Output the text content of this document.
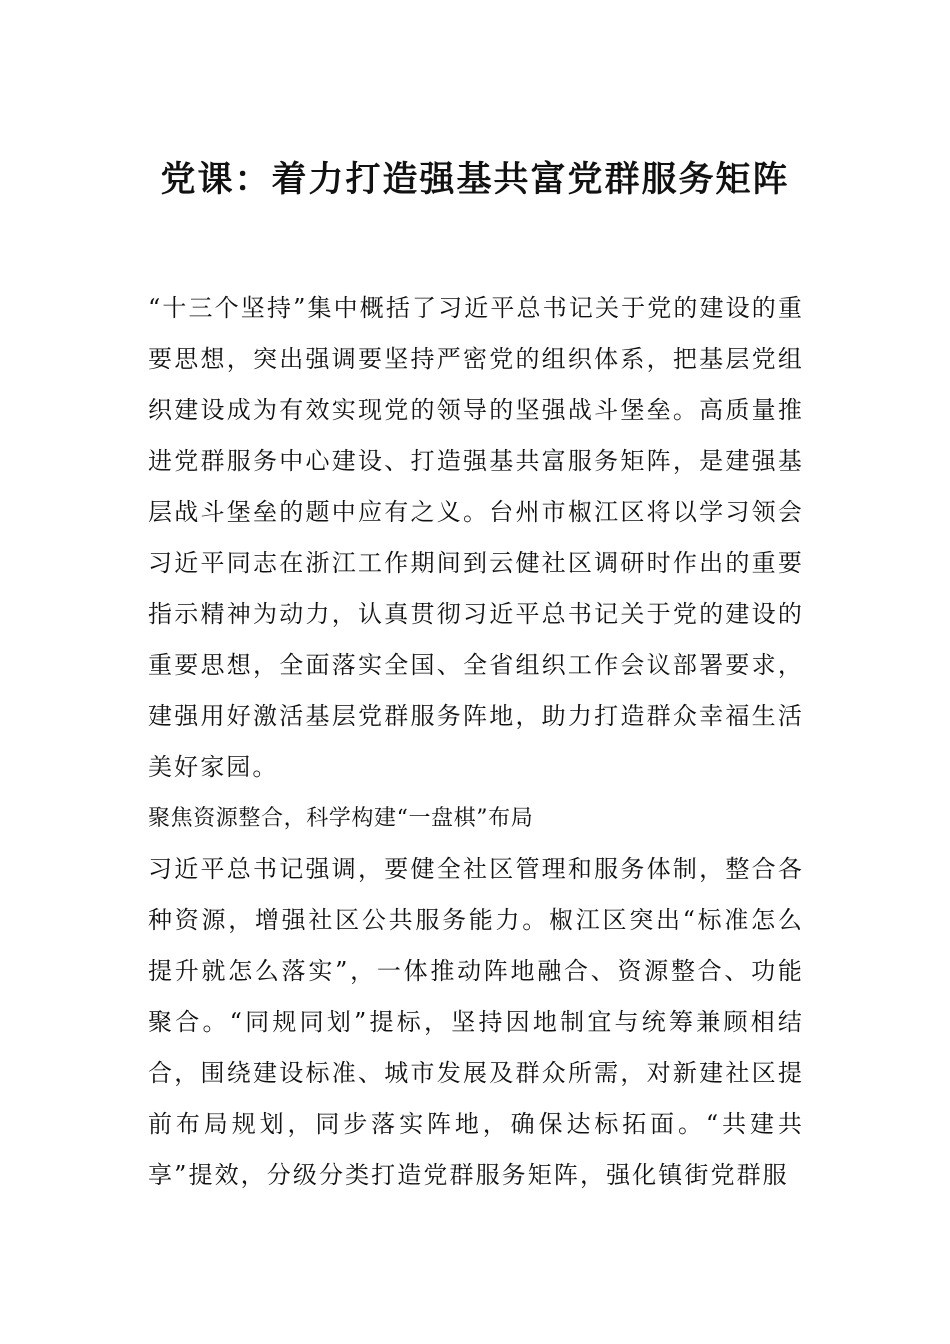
党课：着力打造强基共富党群服务矩阵

“十三个坚持”集中概括了习近平总书记关于党的建设的重要思想，突出强调要坚持严密党的组织体系，把基层党组织建设成为有效实现党的领导的坚强战斗堡垒。高质量推进党群服务中心建设、打造强基共富服务矩阵，是建强基层战斗堡垒的题中应有之义。台州市椒江区将以学习领会习近平同志在浙江工作期间到云健社区调研时作出的重要指示精神为动力，认真贯彻习近平总书记关于党的建设的重要思想，全面落实全国、全省组织工作会议部署要求，建强用好激活基层党群服务阵地，助力打造群众幸福生活美好家园。

聚焦资源整合，科学构建“一盘棋”布局

习近平总书记强调，要健全社区管理和服务体制，整合各种资源，增强社区公共服务能力。椒江区突出“标准怎么提升就怎么落实”，一体推动阵地融合、资源整合、功能聚合。“同规同划”提标，坚持因地制宜与统筹兼顾相结合，围绕建设标准、城市发展及群众所需，对新建社区提前布局规划，同步落实阵地，确保达标拓面。“共建共享”提效，分级分类打造党群服务矩阵，强化镇街党群服
